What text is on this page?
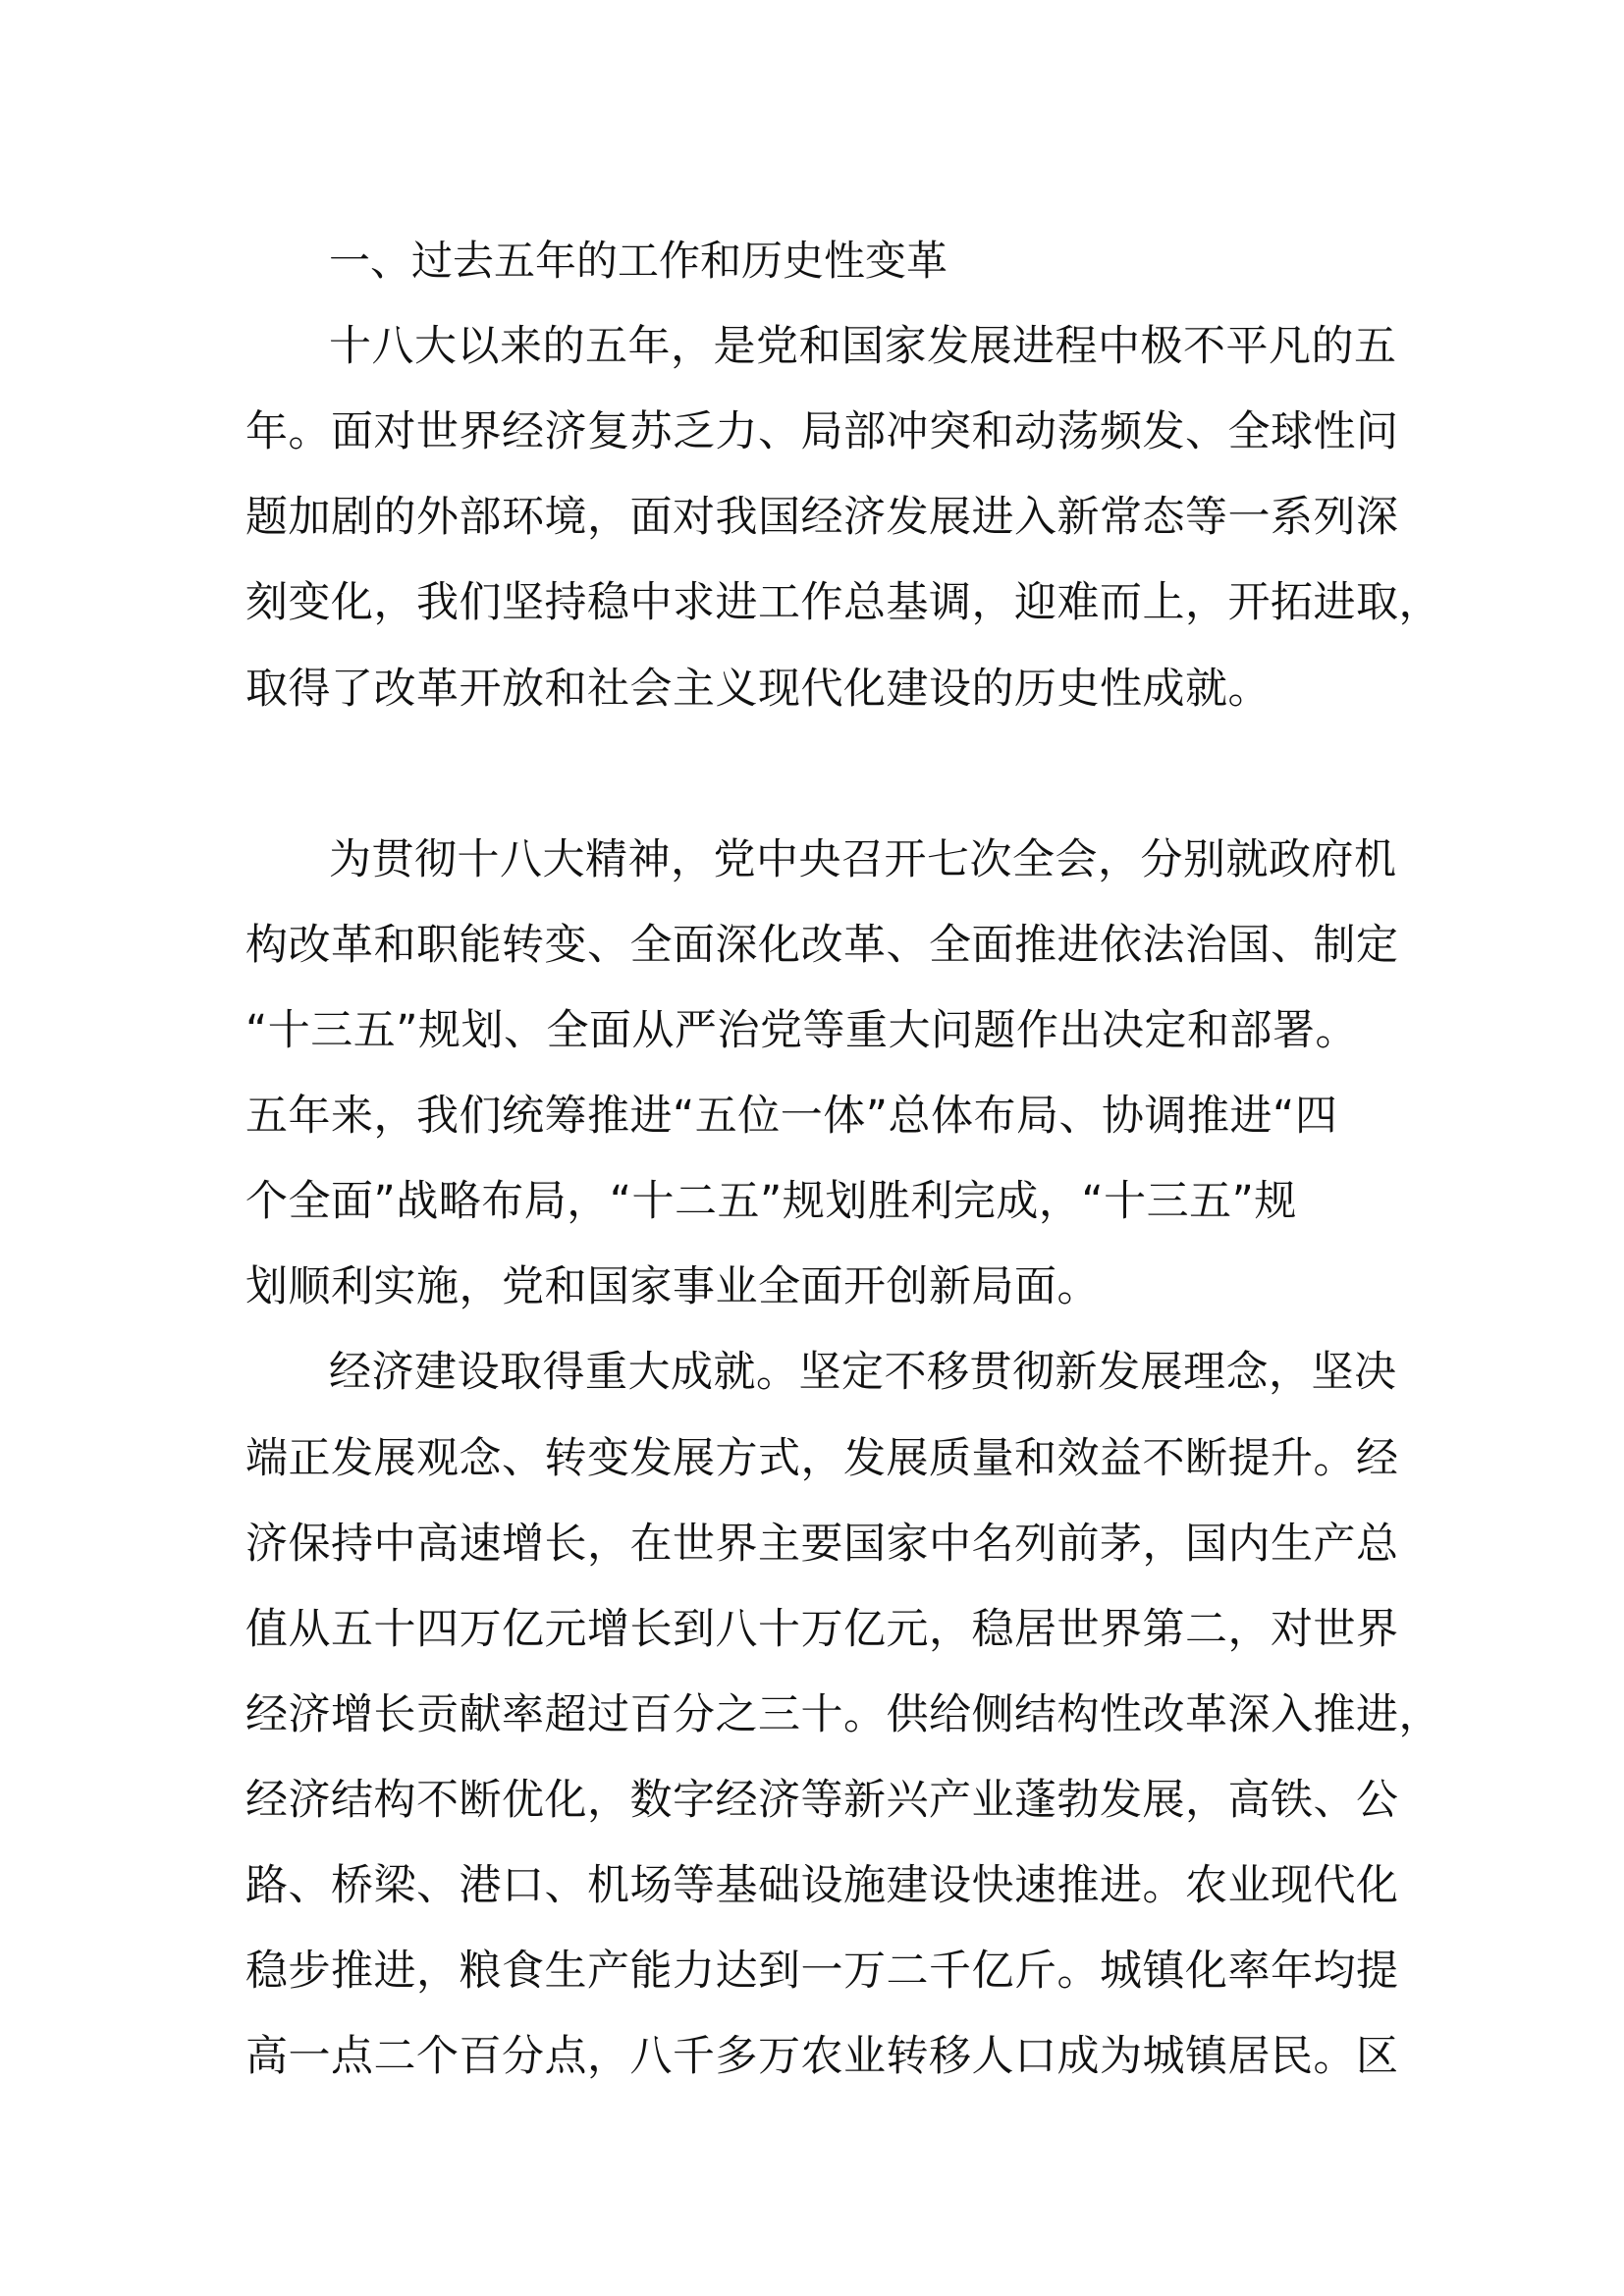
一、过去五年的工作和历史性变革
十八大以来的五年，是党和国家发展进程中极不平凡的五
年。面对世界经济复苏乏力、局部冲突和动荡频发、全球性问
题加剧的外部环境，面对我国经济发展进入新常态等一系列深
刻变化，我们坚持稳中求进工作总基调，迎难而上，开拓进取，
取得了改革开放和社会主义现代化建设的历史性成就。
为贯彻十八大精神，党中央召开七次全会，分别就政府机
构改革和职能转变、全面深化改革、全面推进依法治国、制定
“十三五”规划、全面从严治党等重大问题作出决定和部署。
五年来，我们统筹推进“五位一体”总体布局、协调推进“四
个全面”战略布局，“十二五”规划胜利完成，“十三五”规
划顺利实施，党和国家事业全面开创新局面。
经济建设取得重大成就。坚定不移贯彻新发展理念，坚决
端正发展观念、转变发展方式，发展质量和效益不断提升。经
济保持中高速增长，在世界主要国家中名列前茅，国内生产总
值从五十四万亿元增长到八十万亿元，稳居世界第二，对世界
经济增长贡献率超过百分之三十。供给侧结构性改革深入推进，
经济结构不断优化，数字经济等新兴产业蓬勃发展，高铁、公
路、桥梁、港口、机场等基础设施建设快速推进。农业现代化
稳步推进，粮食生产能力达到一万二千亿斤。城镇化率年均提
高一点二个百分点，八千多万农业转移人口成为城镇居民。区
